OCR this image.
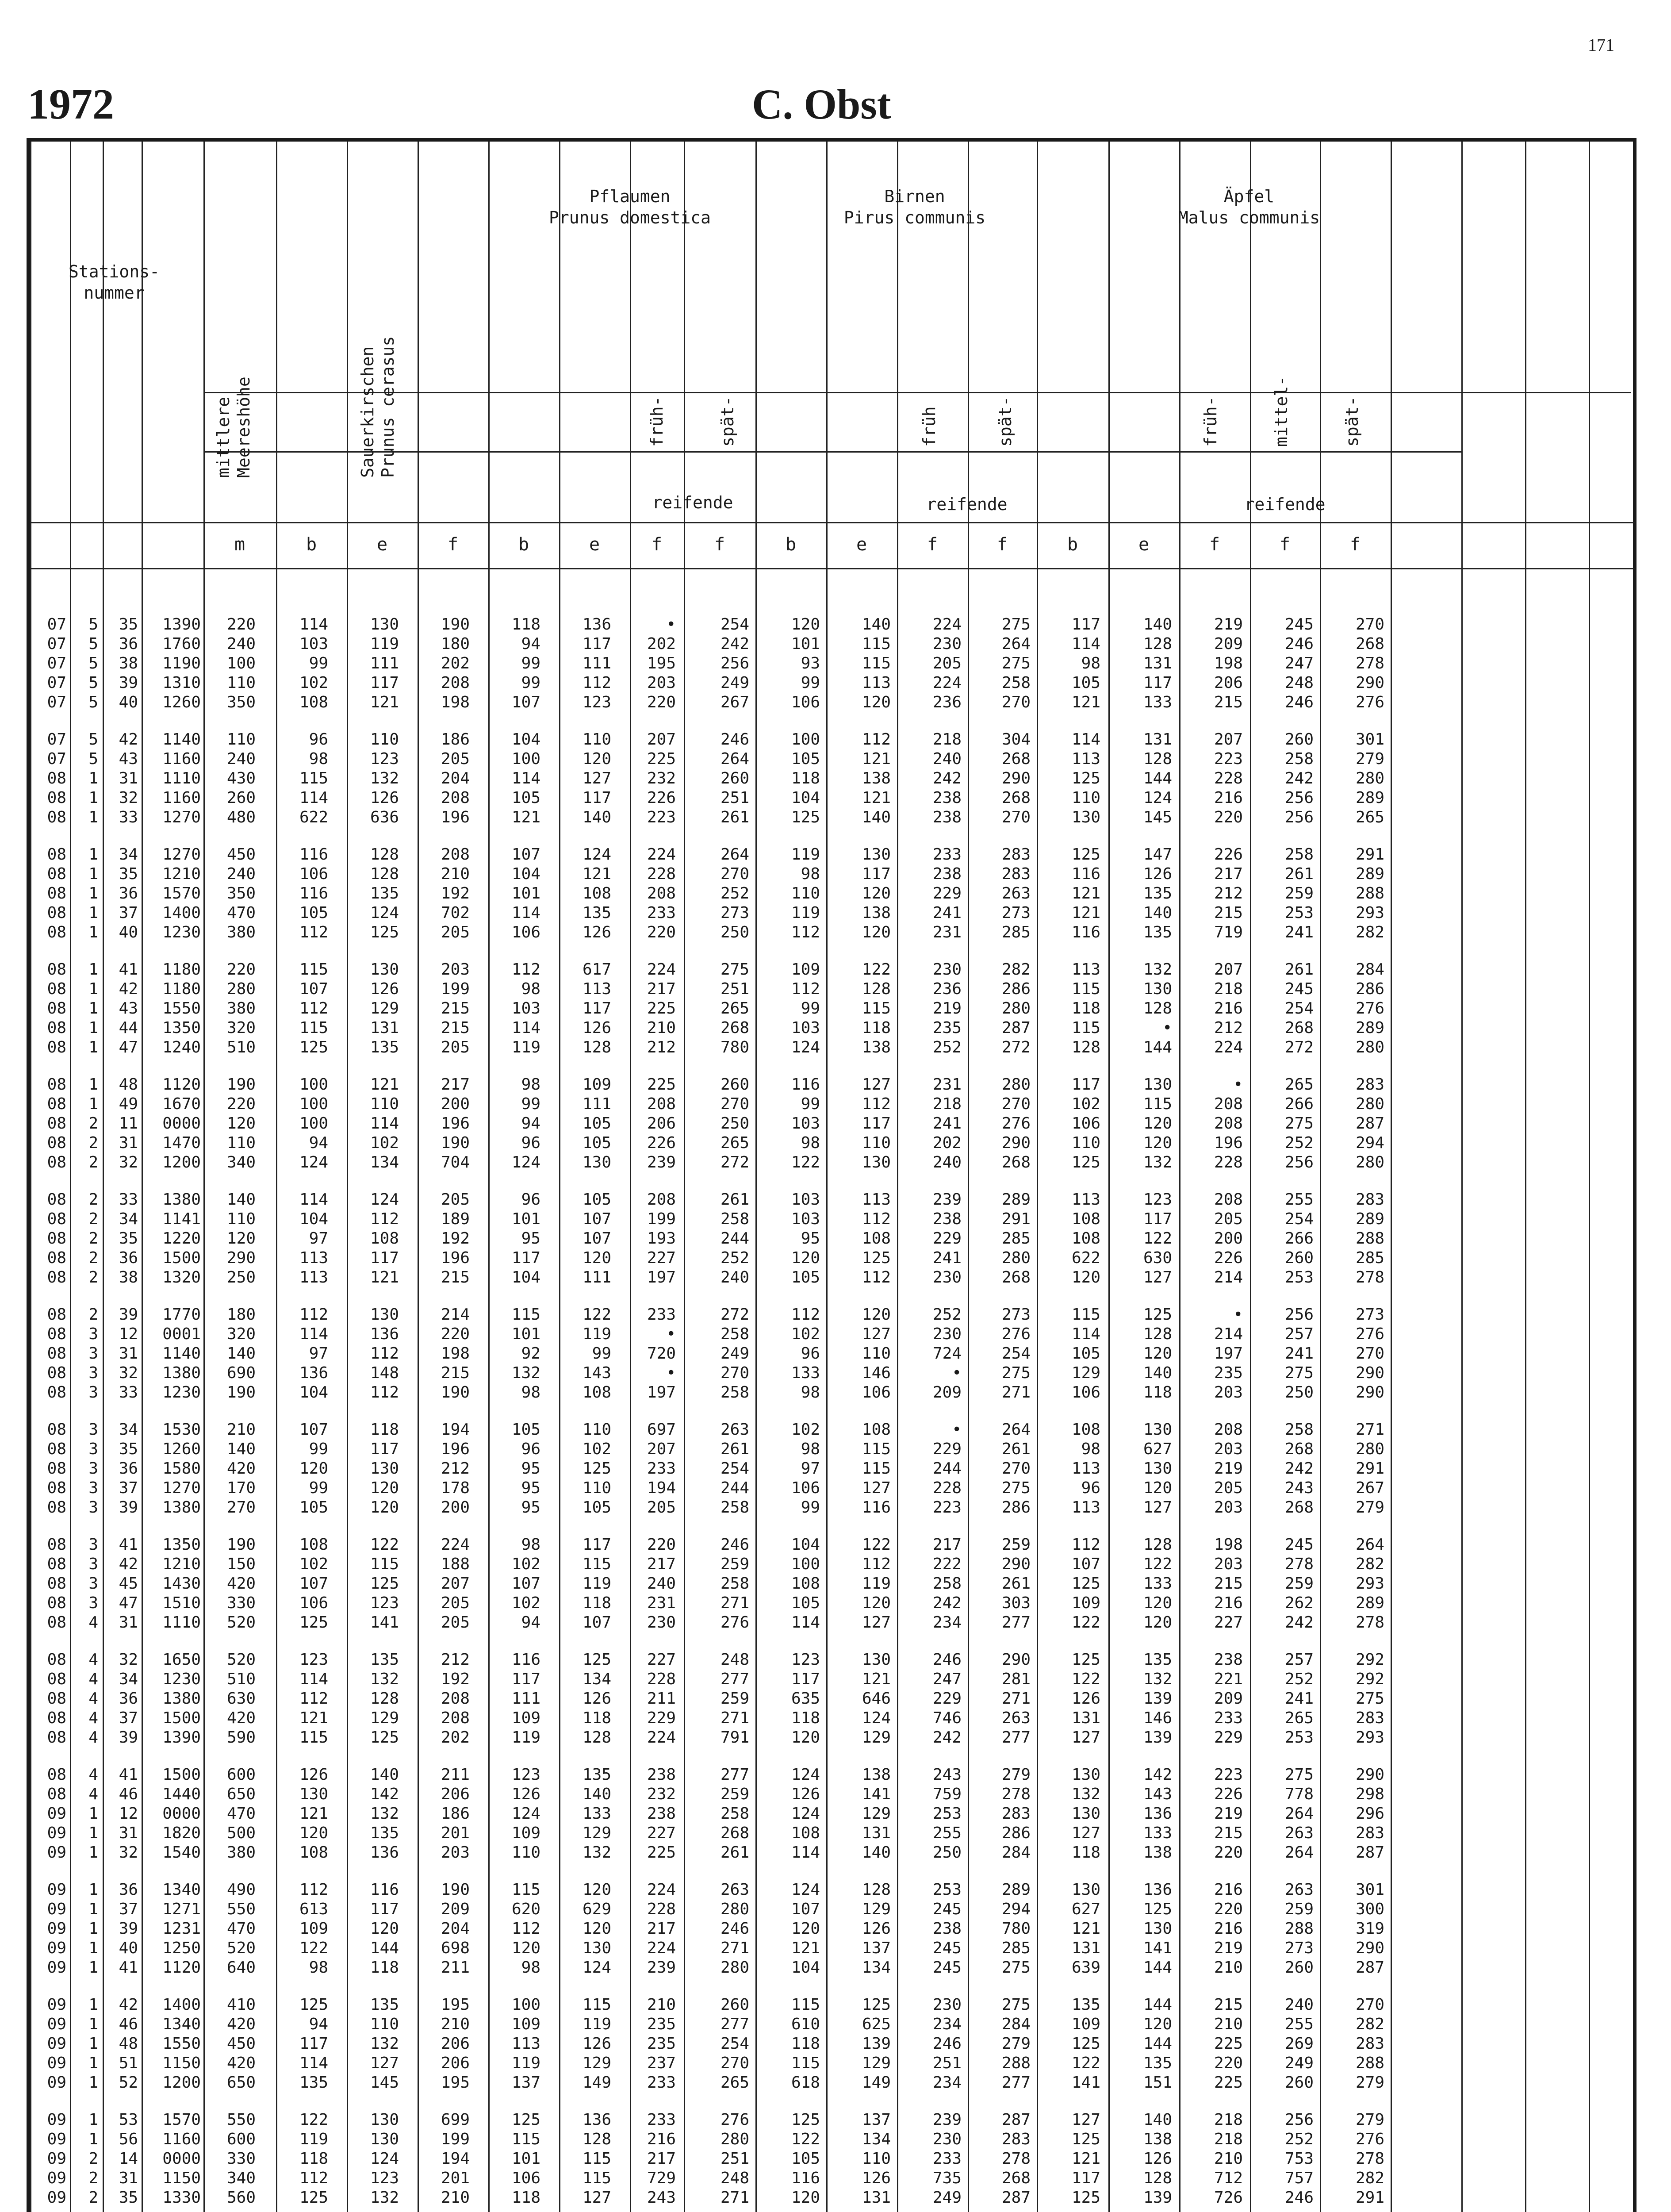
171
1972	C. Obst
Stations-
nummer
mittlere
Meereshöhe	Sauerkirschen
Prunus cerasus
Pflaumen
Prunus domestica
Birnen
Pirus communis
Äpfel
Malus communis
früh-	spät-	früh	spät-	früh-	mittel-	spät-
reifende	reifende	reifende
m	b	e	f	b	e	f	f	b	e	f	f	b	e	f	f	f
07	5	35	1390	220	114	130	190	118	136	•	254	120	140	224	275	117	140	219	245	270
07	5	36	1760	240	103	119	180	94	117	202	242	101	115	230	264	114	128	209	246	268
07	5	38	1190	100	99	111	202	99	111	195	256	93	115	205	275	98	131	198	247	278
07	5	39	1310	110	102	117	208	99	112	203	249	99	113	224	258	105	117	206	248	290
07	5	40	1260	350	108	121	198	107	123	220	267	106	120	236	270	121	133	215	246	276
07	5	42	1140	110	96	110	186	104	110	207	246	100	112	218	304	114	131	207	260	301
07	5	43	1160	240	98	123	205	100	120	225	264	105	121	240	268	113	128	223	258	279
08	1	31	1110	430	115	132	204	114	127	232	260	118	138	242	290	125	144	228	242	280
08	1	32	1160	260	114	126	208	105	117	226	251	104	121	238	268	110	124	216	256	289
08	1	33	1270	480	622	636	196	121	140	223	261	125	140	238	270	130	145	220	256	265
08	1	34	1270	450	116	128	208	107	124	224	264	119	130	233	283	125	147	226	258	291
08	1	35	1210	240	106	128	210	104	121	228	270	98	117	238	283	116	126	217	261	289
08	1	36	1570	350	116	135	192	101	108	208	252	110	120	229	263	121	135	212	259	288
08	1	37	1400	470	105	124	702	114	135	233	273	119	138	241	273	121	140	215	253	293
08	1	40	1230	380	112	125	205	106	126	220	250	112	120	231	285	116	135	719	241	282
08	1	41	1180	220	115	130	203	112	617	224	275	109	122	230	282	113	132	207	261	284
08	1	42	1180	280	107	126	199	98	113	217	251	112	128	236	286	115	130	218	245	286
08	1	43	1550	380	112	129	215	103	117	225	265	99	115	219	280	118	128	216	254	276
08	1	44	1350	320	115	131	215	114	126	210	268	103	118	235	287	115	•	212	268	289
08	1	47	1240	510	125	135	205	119	128	212	780	124	138	252	272	128	144	224	272	280
08	1	48	1120	190	100	121	217	98	109	225	260	116	127	231	280	117	130	•	265	283
08	1	49	1670	220	100	110	200	99	111	208	270	99	112	218	270	102	115	208	266	280
08	2	11	0000	120	100	114	196	94	105	206	250	103	117	241	276	106	120	208	275	287
08	2	31	1470	110	94	102	190	96	105	226	265	98	110	202	290	110	120	196	252	294
08	2	32	1200	340	124	134	704	124	130	239	272	122	130	240	268	125	132	228	256	280
08	2	33	1380	140	114	124	205	96	105	208	261	103	113	239	289	113	123	208	255	283
08	2	34	1141	110	104	112	189	101	107	199	258	103	112	238	291	108	117	205	254	289
08	2	35	1220	120	97	108	192	95	107	193	244	95	108	229	285	108	122	200	266	288
08	2	36	1500	290	113	117	196	117	120	227	252	120	125	241	280	622	630	226	260	285
08	2	38	1320	250	113	121	215	104	111	197	240	105	112	230	268	120	127	214	253	278
08	2	39	1770	180	112	130	214	115	122	233	272	112	120	252	273	115	125	•	256	273
08	3	12	0001	320	114	136	220	101	119	•	258	102	127	230	276	114	128	214	257	276
08	3	31	1140	140	97	112	198	92	99	720	249	96	110	724	254	105	120	197	241	270
08	3	32	1380	690	136	148	215	132	143	•	270	133	146	•	275	129	140	235	275	290
08	3	33	1230	190	104	112	190	98	108	197	258	98	106	209	271	106	118	203	250	290
08	3	34	1530	210	107	118	194	105	110	697	263	102	108	•	264	108	130	208	258	271
08	3	35	1260	140	99	117	196	96	102	207	261	98	115	229	261	98	627	203	268	280
08	3	36	1580	420	120	130	212	95	125	233	254	97	115	244	270	113	130	219	242	291
08	3	37	1270	170	99	120	178	95	110	194	244	106	127	228	275	96	120	205	243	267
08	3	39	1380	270	105	120	200	95	105	205	258	99	116	223	286	113	127	203	268	279
08	3	41	1350	190	108	122	224	98	117	220	246	104	122	217	259	112	128	198	245	264
08	3	42	1210	150	102	115	188	102	115	217	259	100	112	222	290	107	122	203	278	282
08	3	45	1430	420	107	125	207	107	119	240	258	108	119	258	261	125	133	215	259	293
08	3	47	1510	330	106	123	205	102	118	231	271	105	120	242	303	109	120	216	262	289
08	4	31	1110	520	125	141	205	94	107	230	276	114	127	234	277	122	120	227	242	278
08	4	32	1650	520	123	135	212	116	125	227	248	123	130	246	290	125	135	238	257	292
08	4	34	1230	510	114	132	192	117	134	228	277	117	121	247	281	122	132	221	252	292
08	4	36	1380	630	112	128	208	111	126	211	259	635	646	229	271	126	139	209	241	275
08	4	37	1500	420	121	129	208	109	118	229	271	118	124	746	263	131	146	233	265	283
08	4	39	1390	590	115	125	202	119	128	224	791	120	129	242	277	127	139	229	253	293
08	4	41	1500	600	126	140	211	123	135	238	277	124	138	243	279	130	142	223	275	290
08	4	46	1440	650	130	142	206	126	140	232	259	126	141	759	278	132	143	226	778	298
09	1	12	0000	470	121	132	186	124	133	238	258	124	129	253	283	130	136	219	264	296
09	1	31	1820	500	120	135	201	109	129	227	268	108	131	255	286	127	133	215	263	283
09	1	32	1540	380	108	136	203	110	132	225	261	114	140	250	284	118	138	220	264	287
09	1	36	1340	490	112	116	190	115	120	224	263	124	128	253	289	130	136	216	263	301
09	1	37	1271	550	613	117	209	620	629	228	280	107	129	245	294	627	125	220	259	300
09	1	39	1231	470	109	120	204	112	120	217	246	120	126	238	780	121	130	216	288	319
09	1	40	1250	520	122	144	698	120	130	224	271	121	137	245	285	131	141	219	273	290
09	1	41	1120	640	98	118	211	98	124	239	280	104	134	245	275	639	144	210	260	287
09	1	42	1400	410	125	135	195	100	115	210	260	115	125	230	275	135	144	215	240	270
09	1	46	1340	420	94	110	210	109	119	235	277	610	625	234	284	109	120	210	255	282
09	1	48	1550	450	117	132	206	113	126	235	254	118	139	246	279	125	144	225	269	283
09	1	51	1150	420	114	127	206	119	129	237	270	115	129	251	288	122	135	220	249	288
09	1	52	1200	650	135	145	195	137	149	233	265	618	149	234	277	141	151	225	260	279
09	1	53	1570	550	122	130	699	125	136	233	276	125	137	239	287	127	140	218	256	279
09	1	56	1160	600	119	130	199	115	128	216	280	122	134	230	283	125	138	218	252	276
09	2	14	0000	330	118	124	194	101	115	217	251	105	110	233	278	121	126	210	753	278
09	2	31	1150	340	112	123	201	106	115	729	248	116	126	735	268	117	128	712	757	282
09	2	35	1330	560	125	132	210	118	127	243	271	120	131	249	287	125	139	726	246	291
